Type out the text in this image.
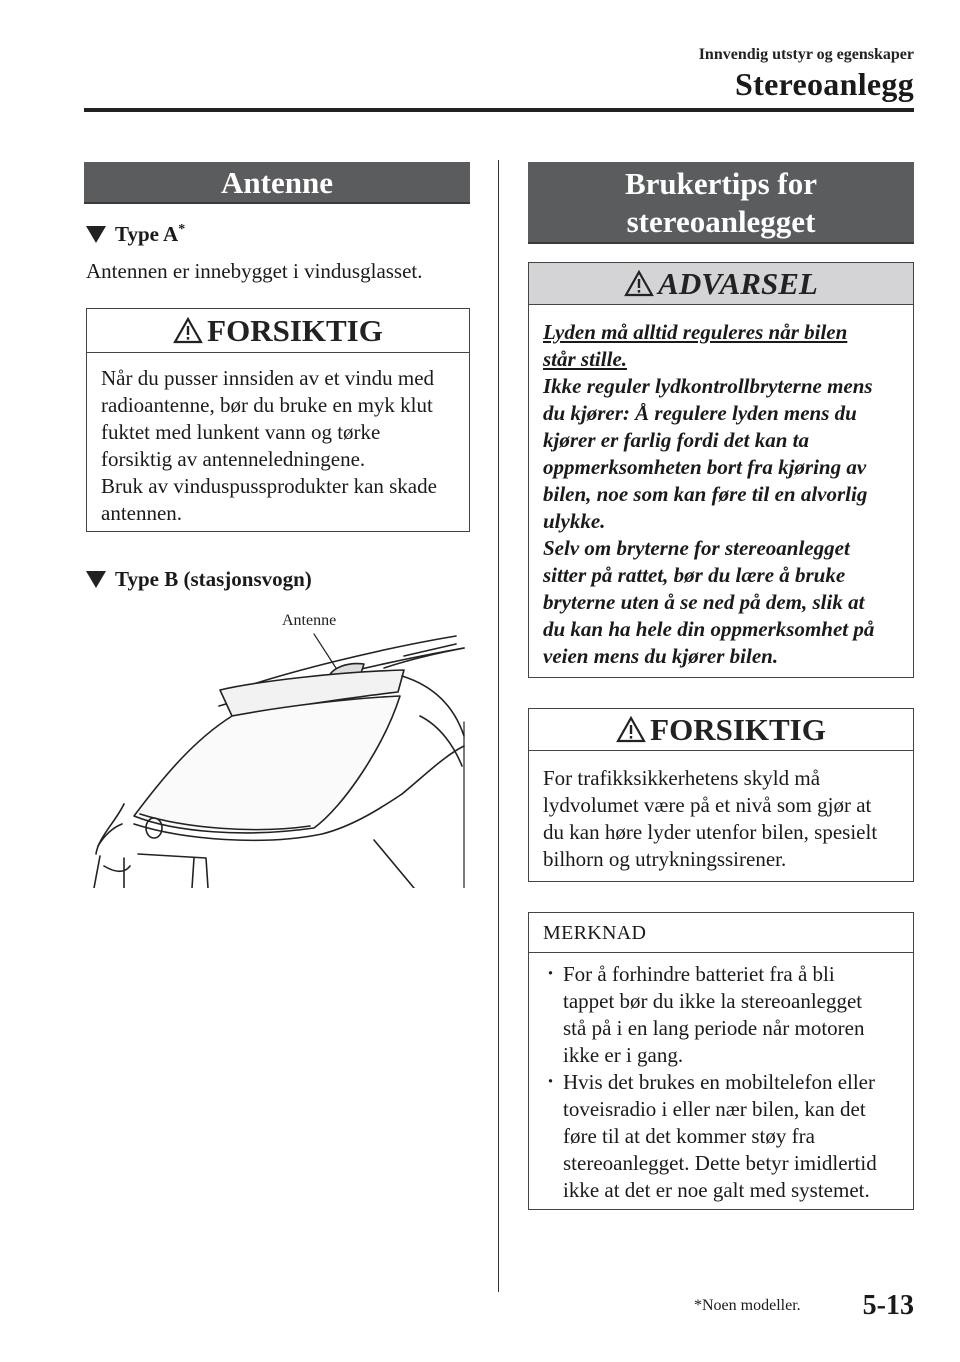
Innvendig utstyr og egenskaper
Stereoanlegg
Antenne
Type A*
Antennen er innebygget i vindusglasset.
FORSIKTIG
Når du pusser innsiden av et vindu med
radioantenne, bør du bruke en myk klut
fuktet med lunkent vann og tørke
forsiktig av antenneledningene.
Bruk av vinduspussprodukter kan skade
antennen.
Type B (stasjonsvogn)
Antenne
Brukertips for
stereoanlegget
ADVARSEL
Lyden må alltid reguleres når bilen
står stille.
Ikke reguler lydkontrollbryterne mens
du kjører: Å regulere lyden mens du
kjører er farlig fordi det kan ta
oppmerksomheten bort fra kjøring av
bilen, noe som kan føre til en alvorlig
ulykke.
Selv om bryterne for stereoanlegget
sitter på rattet, bør du lære å bruke
bryterne uten å se ned på dem, slik at
du kan ha hele din oppmerksomhet på
veien mens du kjører bilen.
FORSIKTIG
For trafikksikkerhetens skyld må
lydvolumet være på et nivå som gjør at
du kan høre lyder utenfor bilen, spesielt
bilhorn og utrykningssirener.
MERKNAD
· For å forhindre batteriet fra å bli
tappet bør du ikke la stereoanlegget
stå på i en lang periode når motoren
ikke er i gang.
· Hvis det brukes en mobiltelefon eller
toveisradio i eller nær bilen, kan det
føre til at det kommer støy fra
stereoanlegget. Dette betyr imidlertid
ikke at det er noe galt med systemet.
*Noen modeller. 5-13
